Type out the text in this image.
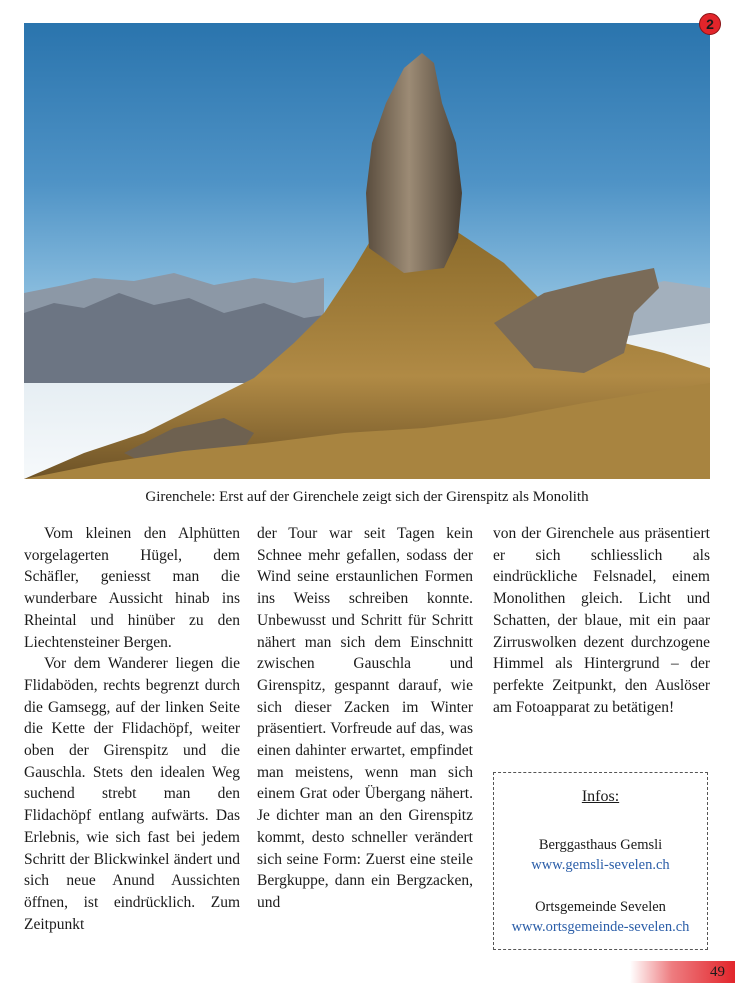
2
Girenchele: Erst auf der Girenchele zeigt sich der Girenspitz als Monolith

Vom kleinen den Alphütten vorgelagerten Hügel, dem Schäfler, geniesst man die wunderbare Aussicht hinab ins Rheintal und hinüber zu den Liechtensteiner Bergen.

Vor dem Wanderer liegen die Flidaböden, rechts begrenzt durch die Gamsegg, auf der linken Seite die Kette der Flidachöpf, weiter oben der Girenspitz und die Gauschla. Stets den idealen Weg suchend strebt man den Flidachöpf entlang aufwärts. Das Erlebnis, wie sich fast bei jedem Schritt der Blickwinkel ändert und sich neue Anund Aussichten öffnen, ist eindrücklich. Zum Zeitpunkt

der Tour war seit Tagen kein Schnee mehr gefallen, sodass der Wind seine erstaunlichen Formen ins Weiss schreiben konnte. Unbewusst und Schritt für Schritt nähert man sich dem Einschnitt zwischen Gauschla und Girenspitz, gespannt darauf, wie sich dieser Zacken im Winter präsentiert. Vorfreude auf das, was einen dahinter erwartet, empfindet man meistens, wenn man sich einem Grat oder Übergang nähert. Je dichter man an den Girenspitz kommt, desto schneller verändert sich seine Form: Zuerst eine steile Bergkuppe, dann ein Bergzacken, und

von der Girenchele aus präsentiert er sich schliesslich als eindrückliche Felsnadel, einem Monolithen gleich. Licht und Schatten, der blaue, mit ein paar Zirruswolken dezent durchzogene Himmel als Hintergrund – der perfekte Zeitpunkt, den Auslöser am Fotoapparat zu betätigen!

Infos:
Berggasthaus Gemsli
www.gemsli-sevelen.ch
Ortsgemeinde Sevelen
www.ortsgemeinde-sevelen.ch
49
